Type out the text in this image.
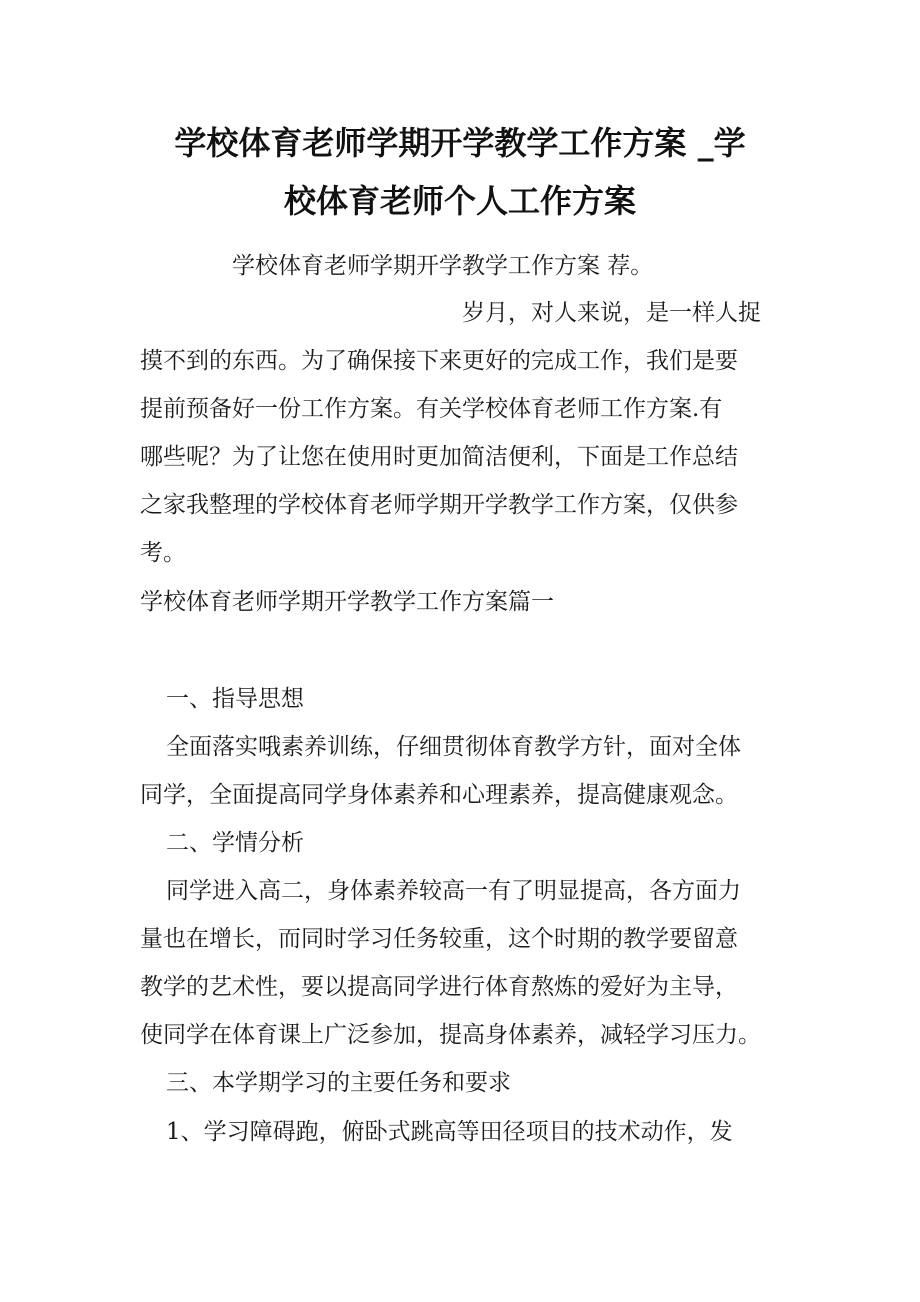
学校体育老师学期开学教学工作方案 _学
校体育老师个人工作方案
学校体育老师学期开学教学工作方案 荐。
岁月，对人来说，是一样人捉
摸不到的东西。为了确保接下来更好的完成工作，我们是要
提前预备好一份工作方案。有关学校体育老师工作方案.有
哪些呢？为了让您在使用时更加简洁便利，下面是工作总结
之家我整理的学校体育老师学期开学教学工作方案，仅供参
考。
学校体育老师学期开学教学工作方案篇一
一、指导思想
全面落实哦素养训练，仔细贯彻体育教学方针，面对全体
同学，全面提高同学身体素养和心理素养，提高健康观念。
二、学情分析
同学进入高二，身体素养较高一有了明显提高，各方面力
量也在增长，而同时学习任务较重，这个时期的教学要留意
教学的艺术性，要以提高同学进行体育熬炼的爱好为主导，
使同学在体育课上广泛参加，提高身体素养，减轻学习压力。
三、本学期学习的主要任务和要求
1、学习障碍跑，俯卧式跳高等田径项目的技术动作，发
